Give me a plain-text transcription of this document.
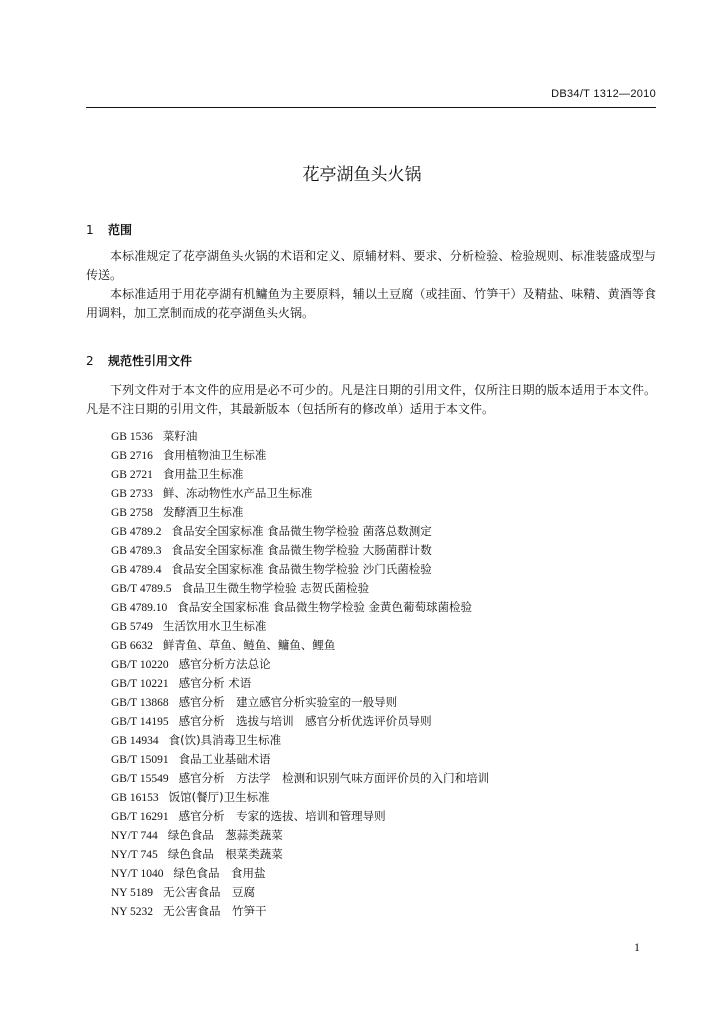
DB34/T 1312—2010
花亭湖鱼头火锅
1 范围

本标准规定了花亭湖鱼头火锅的术语和定义、原辅材料、要求、分析检验、检验规则、标准装盛成型与传送。

本标准适用于用花亭湖有机鳙鱼为主要原料，辅以土豆腐（或挂面、竹笋干）及精盐、味精、黄酒等食用调料，加工烹制而成的花亭湖鱼头火锅。

2 规范性引用文件

下列文件对于本文件的应用是必不可少的。凡是注日期的引用文件，仅所注日期的版本适用于本文件。凡是不注日期的引用文件，其最新版本（包括所有的修改单）适用于本文件。

GB 1536 菜籽油
GB 2716 食用植物油卫生标准
GB 2721 食用盐卫生标准
GB 2733 鲜、冻动物性水产品卫生标准
GB 2758 发酵酒卫生标准
GB 4789.2 食品安全国家标准 食品微生物学检验 菌落总数测定
GB 4789.3 食品安全国家标准 食品微生物学检验 大肠菌群计数
GB 4789.4 食品安全国家标准 食品微生物学检验 沙门氏菌检验
GB/T 4789.5 食品卫生微生物学检验 志贺氏菌检验
GB 4789.10 食品安全国家标准 食品微生物学检验 金黄色葡萄球菌检验
GB 5749 生活饮用水卫生标准
GB 6632 鲜青鱼、草鱼、鲢鱼、鳙鱼、鲤鱼
GB/T 10220 感官分析方法总论
GB/T 10221 感官分析 术语
GB/T 13868 感官分析　建立感官分析实验室的一般导则
GB/T 14195 感官分析　选拔与培训　感官分析优选评价员导则
GB 14934 食(饮)具消毒卫生标准
GB/T 15091 食品工业基础术语
GB/T 15549 感官分析　方法学　检测和识别气味方面评价员的入门和培训
GB 16153 饭馆(餐厅)卫生标准
GB/T 16291 感官分析　专家的选拔、培训和管理导则
NY/T 744 绿色食品　葱蒜类蔬菜
NY/T 745 绿色食品　根菜类蔬菜
NY/T 1040 绿色食品　食用盐
NY 5189 无公害食品　豆腐
NY 5232 无公害食品　竹笋干
1
